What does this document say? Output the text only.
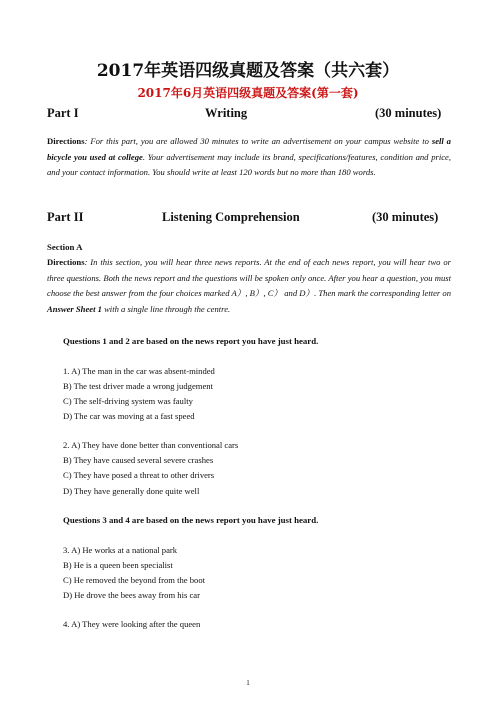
2017年英语四级真题及答案（共六套）
2017年6月英语四级真题及答案(第一套)
Part I	Writing	(30 minutes)
Directions: For this part, you are allowed 30 minutes to write an advertisement on your campus website to sell a bicycle you used at college. Your advertisement may include its brand, specifications/features, condition and price, and your contact information. You should write at least 120 words but no more than 180 words.
Part II	Listening Comprehension	(30 minutes)
Section A
Directions: In this section, you will hear three news reports. At the end of each news report, you will hear two or three questions. Both the news report and the questions will be spoken only once. After you hear a question, you must choose the best answer from the four choices marked A）, B）, C） and D）. Then mark the corresponding letter on Answer Sheet 1 with a single line through the centre.
Questions 1 and 2 are based on the news report you have just heard.
1. A) The man in the car was absent-minded
B) The test driver made a wrong judgement
C) The self-driving system was faulty
D) The car was moving at a fast speed
2. A) They have done better than conventional cars
B) They have caused several severe crashes
C) They have posed a threat to other drivers
D) They have generally done quite well
Questions 3 and 4 are based on the news report you have just heard.
3. A) He works at a national park
B) He is a queen been specialist
C) He removed the beyond from the boot
D) He drove the bees away from his car
4. A) They were looking after the queen
1
